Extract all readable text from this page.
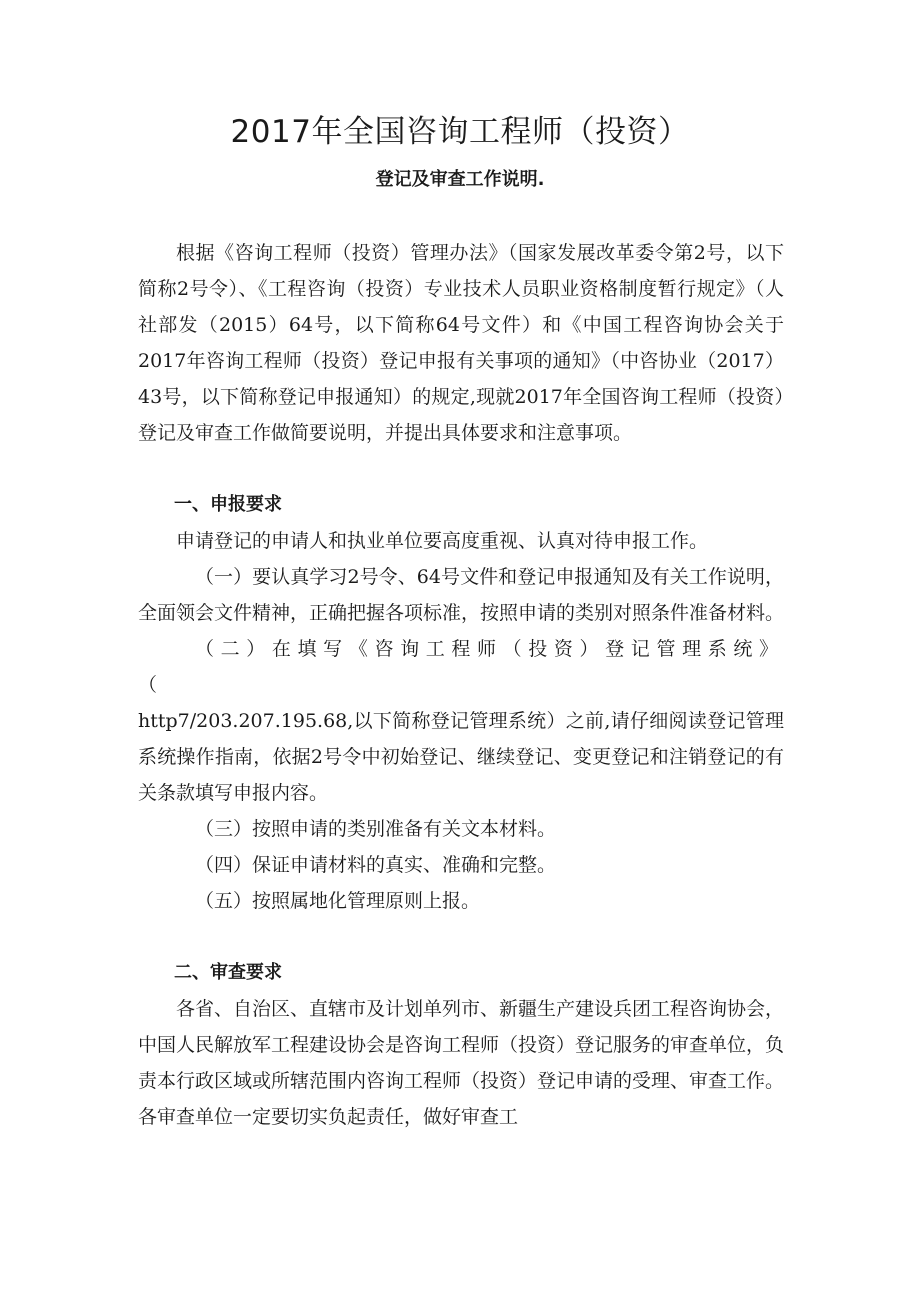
2017年全国咨询工程师（投资）
登记及审查工作说明.

根据《咨询工程师（投资）管理办法》（国家发展改革委令第2号，以下简称2号令）、《工程咨询（投资）专业技术人员职业资格制度暂行规定》（人社部发（2015）64号，以下简称64号文件）和《中国工程咨询协会关于2017年咨询工程师（投资）登记申报有关事项的通知》（中咨协业（2017）43号，以下简称登记申报通知）的规定,现就2017年全国咨询工程师（投资）登记及审查工作做简要说明，并提出具体要求和注意事项。

一、申报要求

申请登记的申请人和执业单位要高度重视、认真对待申报工作。

（一）要认真学习2号令、64号文件和登记申报通知及有关工作说明，全面领会文件精神，正确把握各项标准，按照申请的类别对照条件准备材料。

（二）在填写《咨询工程师（投资）登记管理系统》（

http7∕203.207.195.68,以下简称登记管理系统）之前,请仔细阅读登记管理系统操作指南，依据2号令中初始登记、继续登记、变更登记和注销登记的有关条款填写申报内容。

（三）按照申请的类别准备有关文本材料。

（四）保证申请材料的真实、准确和完整。

（五）按照属地化管理原则上报。

二、审查要求

各省、自治区、直辖市及计划单列市、新疆生产建设兵团工程咨询协会，中国人民解放军工程建设协会是咨询工程师（投资）登记服务的审查单位，负责本行政区域或所辖范围内咨询工程师（投资）登记申请的受理、审查工作。各审查单位一定要切实负起责任，做好审查工
